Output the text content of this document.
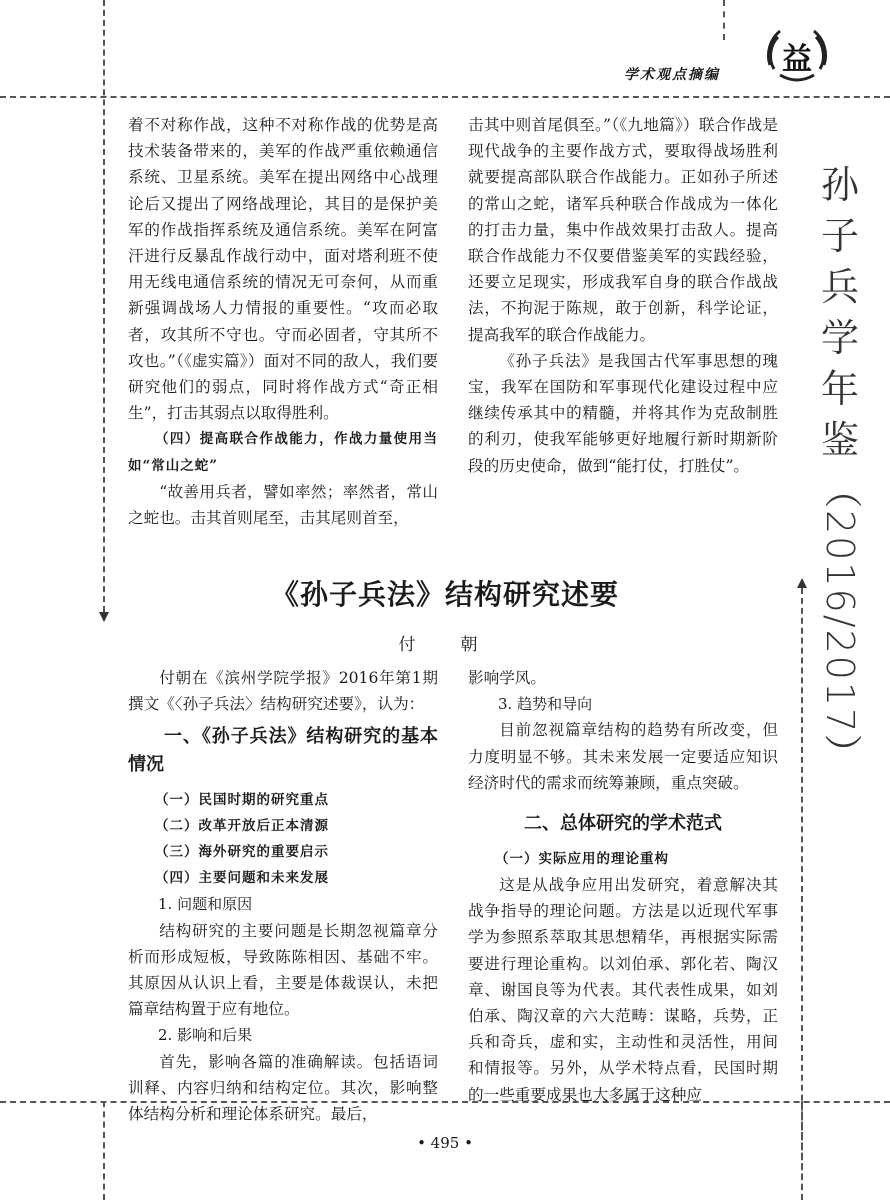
学术观点摘编 益
孙
子
兵
学
年
鉴
（2016/2017）

着不对称作战，这种不对称作战的优势是高技术装备带来的，美军的作战严重依赖通信系统、卫星系统。美军在提出网络中心战理论后又提出了网络战理论，其目的是保护美军的作战指挥系统及通信系统。美军在阿富汗进行反暴乱作战行动中，面对塔利班不使用无线电通信系统的情况无可奈何，从而重新强调战场人力情报的重要性。“攻而必取者，攻其所不守也。守而必固者，守其所不攻也。”（《虚实篇》）面对不同的敌人，我们要研究他们的弱点，同时将作战方式“奇正相生”，打击其弱点以取得胜利。

（四）提高联合作战能力，作战力量使用当如“常山之蛇”

“故善用兵者，譬如率然；率然者，常山之蛇也。击其首则尾至，击其尾则首至，

击其中则首尾俱至。”（《九地篇》）联合作战是现代战争的主要作战方式，要取得战场胜利就要提高部队联合作战能力。正如孙子所述的常山之蛇，诸军兵种联合作战成为一体化的打击力量，集中作战效果打击敌人。提高联合作战能力不仅要借鉴美军的实践经验，还要立足现实，形成我军自身的联合作战战法，不拘泥于陈规，敢于创新，科学论证，提高我军的联合作战能力。

《孙子兵法》是我国古代军事思想的瑰宝，我军在国防和军事现代化建设过程中应继续传承其中的精髓，并将其作为克敌制胜的利刃，使我军能够更好地履行新时期新阶段的历史使命，做到“能打仗，打胜仗”。

《孙子兵法》结构研究述要
付　朝

付朝在《滨州学院学报》2016年第1期撰文《〈孙子兵法〉结构研究述要》，认为：

一、《孙子兵法》结构研究的基本情况
（一）民国时期的研究重点
（二）改革开放后正本清源
（三）海外研究的重要启示
（四）主要问题和未来发展

1. 问题和原因

结构研究的主要问题是长期忽视篇章分析而形成短板，导致陈陈相因、基础不牢。其原因从认识上看，主要是体裁误认，未把篇章结构置于应有地位。

2. 影响和后果

首先，影响各篇的准确解读。包括语词训释、内容归纳和结构定位。其次，影响整体结构分析和理论体系研究。最后，

影响学风。

3. 趋势和导向

目前忽视篇章结构的趋势有所改变，但力度明显不够。其未来发展一定要适应知识经济时代的需求而统筹兼顾，重点突破。

二、总体研究的学术范式
（一）实际应用的理论重构

这是从战争应用出发研究，着意解决其战争指导的理论问题。方法是以近现代军事学为参照系萃取其思想精华，再根据实际需要进行理论重构。以刘伯承、郭化若、陶汉章、谢国良等为代表。其代表性成果，如刘伯承、陶汉章的六大范畴：谋略，兵势，正兵和奇兵，虚和实，主动性和灵活性，用间和情报等。另外，从学术特点看，民国时期的一些重要成果也大多属于这种应

• 495 •
